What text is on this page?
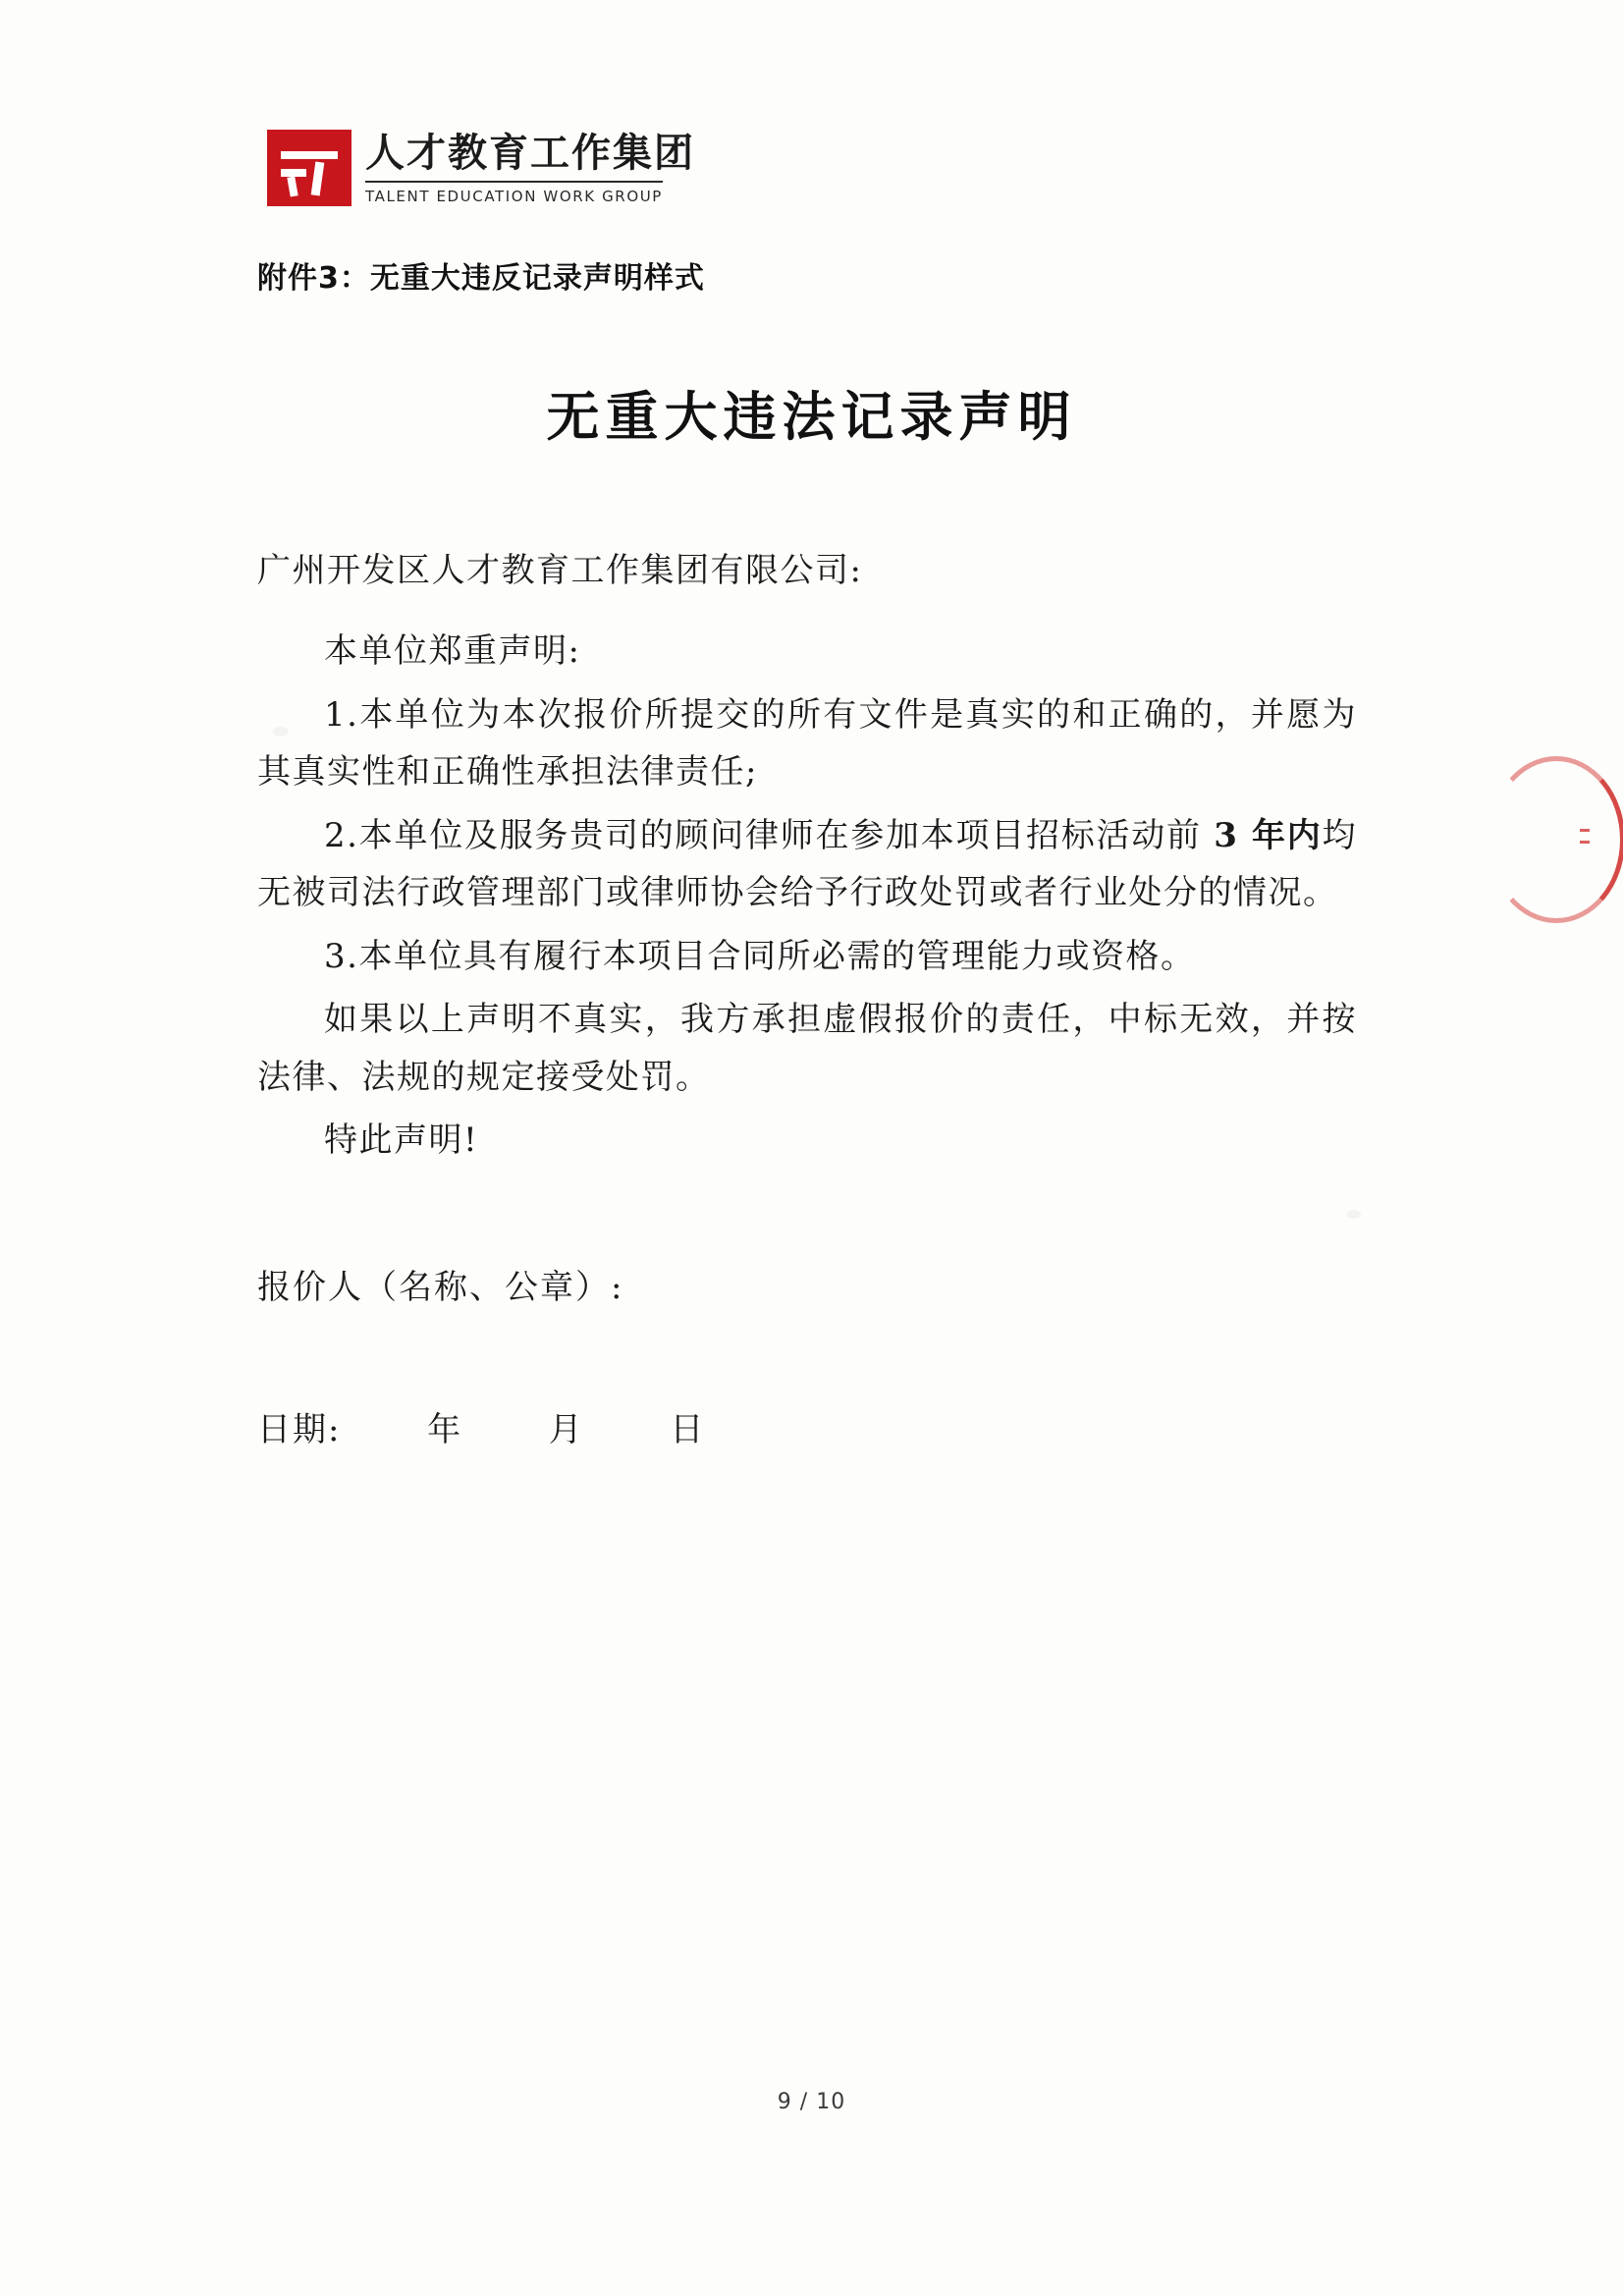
人才教育工作集团
TALENT EDUCATION WORK GROUP
附件3：无重大违反记录声明样式
无重大违法记录声明

广州开发区人才教育工作集团有限公司:

本单位郑重声明:

1.本单位为本次报价所提交的所有文件是真实的和正确的，并愿为其真实性和正确性承担法律责任;

2.本单位及服务贵司的顾问律师在参加本项目招标活动前 3 年内均无被司法行政管理部门或律师协会给予行政处罚或者行业处分的情况。

3.本单位具有履行本项目合同所必需的管理能力或资格。

如果以上声明不真实，我方承担虚假报价的责任，中标无效，并按法律、法规的规定接受处罚。

特此声明!

报价人（名称、公章）:

日期:	年	月	日

9 / 10
